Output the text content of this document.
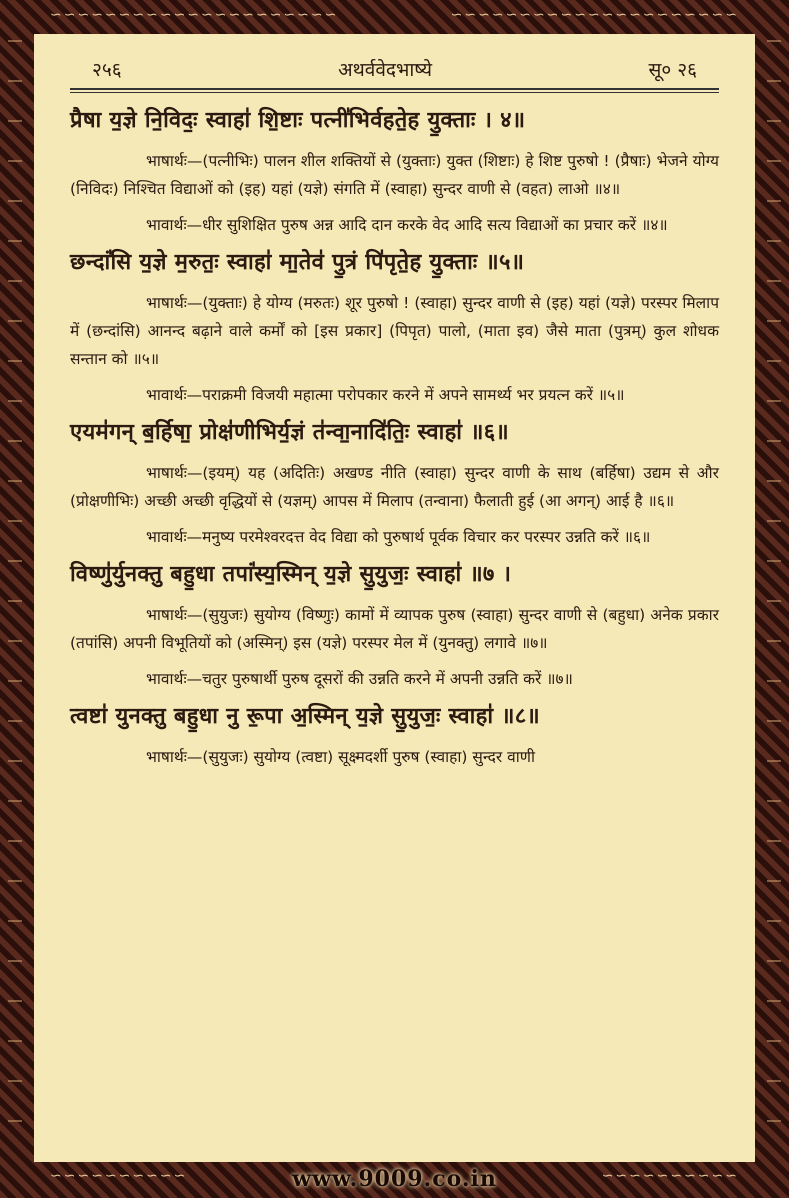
∽∽∽∽∽∽∽∽∽∽∽∽∽∽∽∽∽∽∽∽∽	∽∽∽∽∽∽∽∽∽∽∽∽∽∽∽∽∽∽∽∽∽
२५६	अथर्ववेदभाष्ये	सू० २६
प्रैषा य॒ज्ञे नि॒विदः॒ स्वाहा॑ शि॒ष्टाः पत्नी॑भिर्वहते॒ह यु॒क्ताः । ४॥
भाषार्थः—(पत्नीभिः) पालन शील शक्तियों से (युक्ताः) युक्त (शिष्टाः) हे शिष्ट पुरुषो ! (प्रैषाः) भेजने योग्य (निविदः) निश्चित विद्याओं को (इह) यहां (यज्ञे) संगति में (स्वाहा) सुन्दर वाणी से (वहत) लाओ ॥४॥
भावार्थः—धीर सुशिक्षित पुरुष अन्न आदि दान करके वेद आदि सत्य विद्याओं का प्रचार करें ॥४॥
छन्दां॑सि य॒ज्ञे म॒रुतः॒ स्वाहा॑ मा॒तेव॑ पु॒त्रं पि॑पृते॒ह यु॒क्ताः ॥५॥
भाषार्थः—(युक्ताः) हे योग्य (मरुतः) शूर पुरुषो ! (स्वाहा) सुन्दर वाणी से (इह) यहां (यज्ञे) परस्पर मिलाप में (छन्दांसि) आनन्द बढ़ाने वाले कर्मों को [इस प्रकार] (पिपृत) पालो, (माता इव) जैसे माता (पुत्रम्) कुल शोधक सन्तान को ॥५॥
भावार्थः—पराक्रमी विजयी महात्मा परोपकार करने में अपने सामर्थ्य भर प्रयत्न करें ॥५॥
एयम॑गन् ब॒र्हिषा॒ प्रोक्ष॑णीभिर्य॒ज्ञं त॑न्वा॒नादि॑तिः॒ स्वाहा॑ ॥६॥
भाषार्थः—(इयम्) यह (अदितिः) अखण्ड नीति (स्वाहा) सुन्दर वाणी के साथ (बर्हिषा) उद्यम से और (प्रोक्षणीभिः) अच्छी अच्छी वृद्धियों से (यज्ञम्) आपस में मिलाप (तन्वाना) फैलाती हुई (आ अगन्) आई है ॥६॥
भावार्थः—मनुष्य परमेश्वरदत्त वेद विद्या को पुरुषार्थ पूर्वक विचार कर परस्पर उन्नति करें ॥६॥
विष्णु॑र्युनक्तु बहु॒धा तपां॑स्य॒स्मिन् य॒ज्ञे सु॒युजः॒ स्वाहा॑ ॥७ ।
भाषार्थः—(सुयुजः) सुयोग्य (विष्णुः) कामों में व्यापक पुरुष (स्वाहा) सुन्दर वाणी से (बहुधा) अनेक प्रकार (तपांसि) अपनी विभूतियों को (अस्मिन्) इस (यज्ञे) परस्पर मेल में (युनक्तु) लगावे ॥७॥
भावार्थः—चतुर पुरुषार्थी पुरुष दूसरों की उन्नति करने में अपनी उन्नति करें ॥७॥
त्वष्टा॑ युनक्तु बहु॒धा नु रू॒पा अ॒स्मिन् य॒ज्ञे सु॒युजः॒ स्वाहा॑ ॥८॥
भाषार्थः—(सुयुजः) सुयोग्य (त्वष्टा) सूक्ष्मदर्शी पुरुष (स्वाहा) सुन्दर वाणी
∽∽∽∽∽∽∽∽∽∽	∽∽∽∽∽∽∽∽∽∽
www.9009.co.in
